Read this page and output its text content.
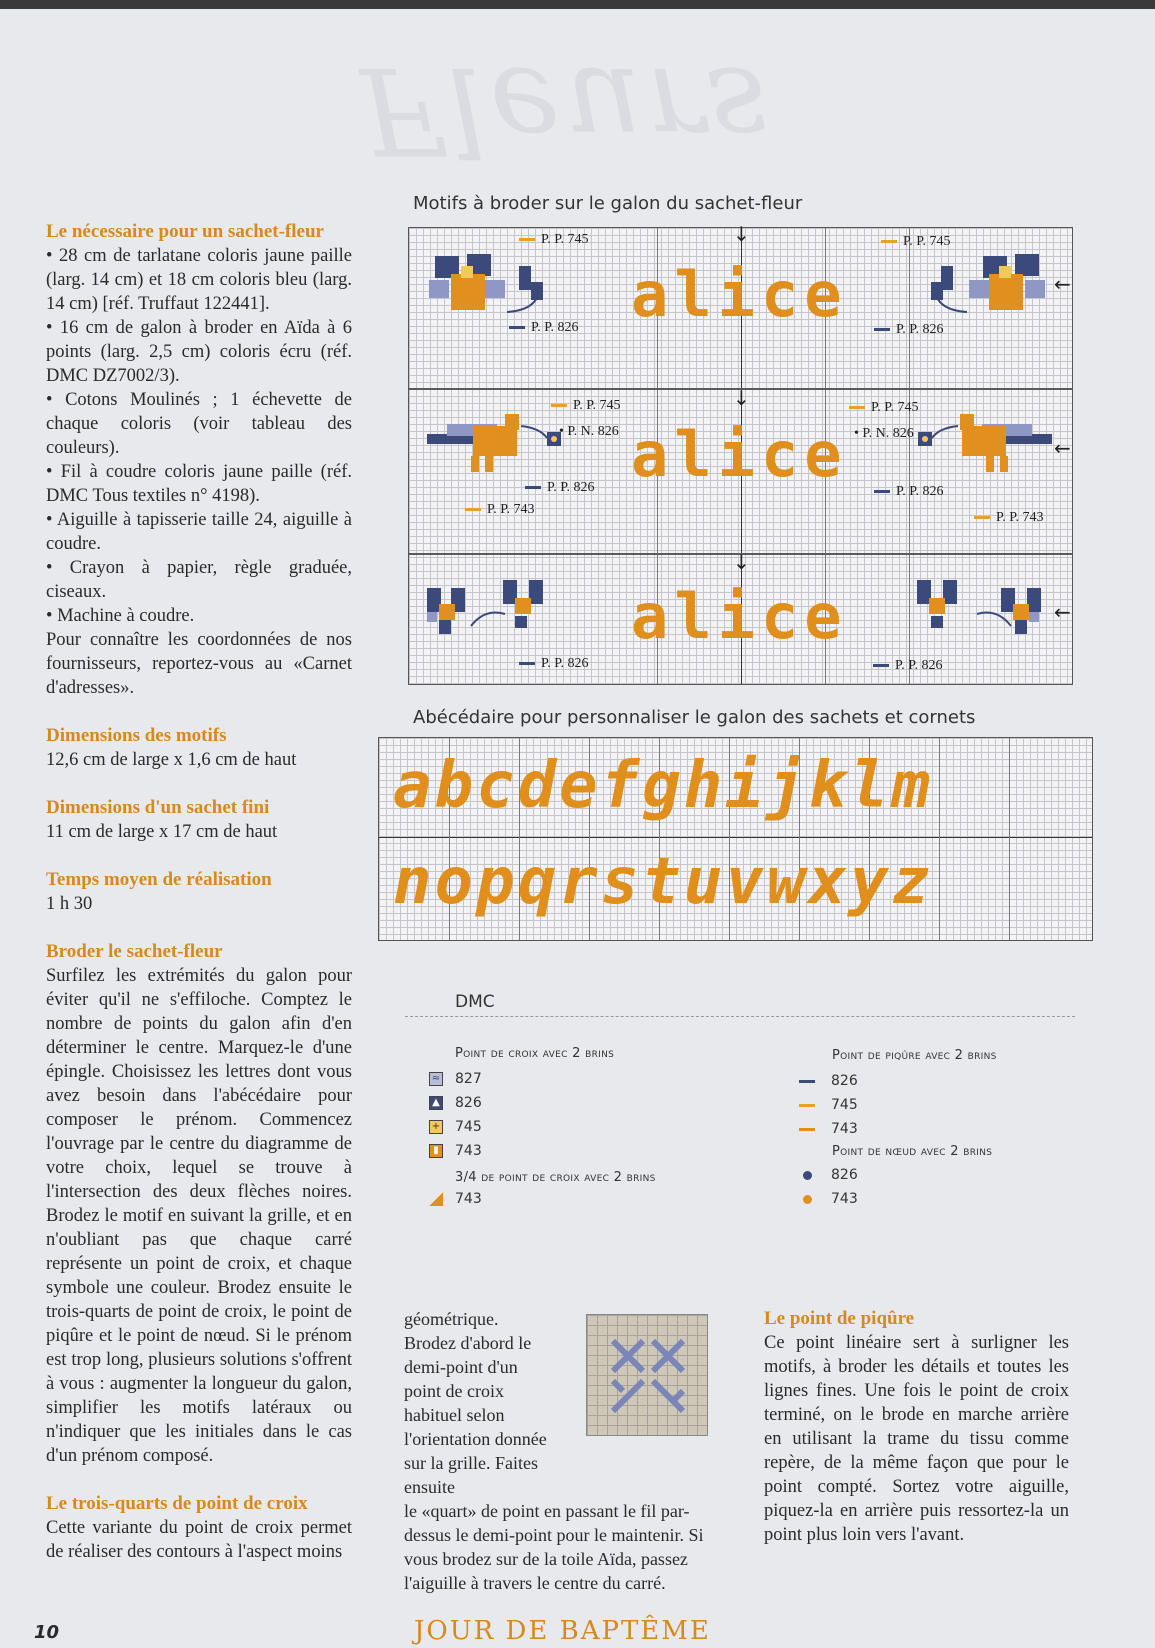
Fleurs
Le nécessaire pour un sachet-fleur

• 28 cm de tarlatane coloris jaune paille (larg. 14 cm) et 18 cm coloris bleu (larg. 14 cm) [réf. Truffaut 122441].

• 16 cm de galon à broder en Aïda à 6 points (larg. 2,5 cm) coloris écru (réf. DMC DZ7002/3).

• Cotons Moulinés ; 1 échevette de chaque coloris (voir tableau des couleurs).

• Fil à coudre coloris jaune paille (réf. DMC Tous textiles n° 4198).

• Aiguille à tapisserie taille 24, aiguille à coudre.

• Crayon à papier, règle graduée, ciseaux.

• Machine à coudre.

Pour connaître les coordonnées de nos fournisseurs, reportez-vous au «Carnet d'adresses».

Dimensions des motifs

12,6 cm de large x 1,6 cm de haut

Dimensions d'un sachet fini

11 cm de large x 17 cm de haut

Temps moyen de réalisation

1 h 30

Broder le sachet-fleur

Surfilez les extrémités du galon pour éviter qu'il ne s'effiloche. Comptez le nombre de points du galon afin d'en déterminer le centre. Marquez-le d'une épingle. Choisissez les lettres dont vous avez besoin dans l'abécédaire pour composer le prénom. Commencez l'ouvrage par le centre du diagramme de votre choix, lequel se trouve à l'intersection des deux flèches noires. Brodez le motif en suivant la grille, et en n'oubliant pas que chaque carré représente un point de croix, et chaque symbole une couleur. Brodez ensuite le trois-quarts de point de croix, le point de piqûre et le point de nœud. Si le prénom est trop long, plusieurs solutions s'offrent à vous : augmenter la longueur du galon, simplifier les motifs latéraux ou n'indiquer que les initiales dans le cas d'un prénom composé.

Le trois-quarts de point de croix

Cette variante du point de croix permet de réaliser des contours à l'aspect moins

Motifs à broder sur le galon du sachet-fleur
↓
↓
↓
←
←
←
alice
P. P. 745
P. P. 826
P. P. 745
P. P. 826
alice
P. P. 745
• P. N. 826
P. P. 826
P. P. 743
P. P. 745
• P. N. 826
P. P. 826
P. P. 743
alice
P. P. 826	P. P. 826
Abécédaire pour personnaliser le galon des sachets et cornets
abcdefghijklm
nopqrstuvwxyz
DMC
Point de croix avec 2 brins
≈ 827
▲ 826
+ 745
▮	743
3/4 de point de croix avec 2 brins
743
Point de piqûre avec 2 brins
826
745
743
Point de nœud avec 2 brins
826
743

géométrique. Brodez d'abord le demi-point d'un point de croix habituel selon l'orientation donnée sur la grille. Faites ensuite

le «quart» de point en passant le fil par-dessus le demi-point pour le maintenir. Si vous brodez sur de la toile Aïda, passez l'aiguille à travers le centre du carré.

Le point de piqûre

Ce point linéaire sert à surligner les motifs, à broder les détails et toutes les lignes fines. Une fois le point de croix terminé, on le brode en marche arrière en utilisant la trame du tissu comme repère, de la même façon que pour le point compté. Sortez votre aiguille, piquez-la en arrière puis ressortez-la un point plus loin vers l'avant.

10	JOUR DE BAPTÊME
